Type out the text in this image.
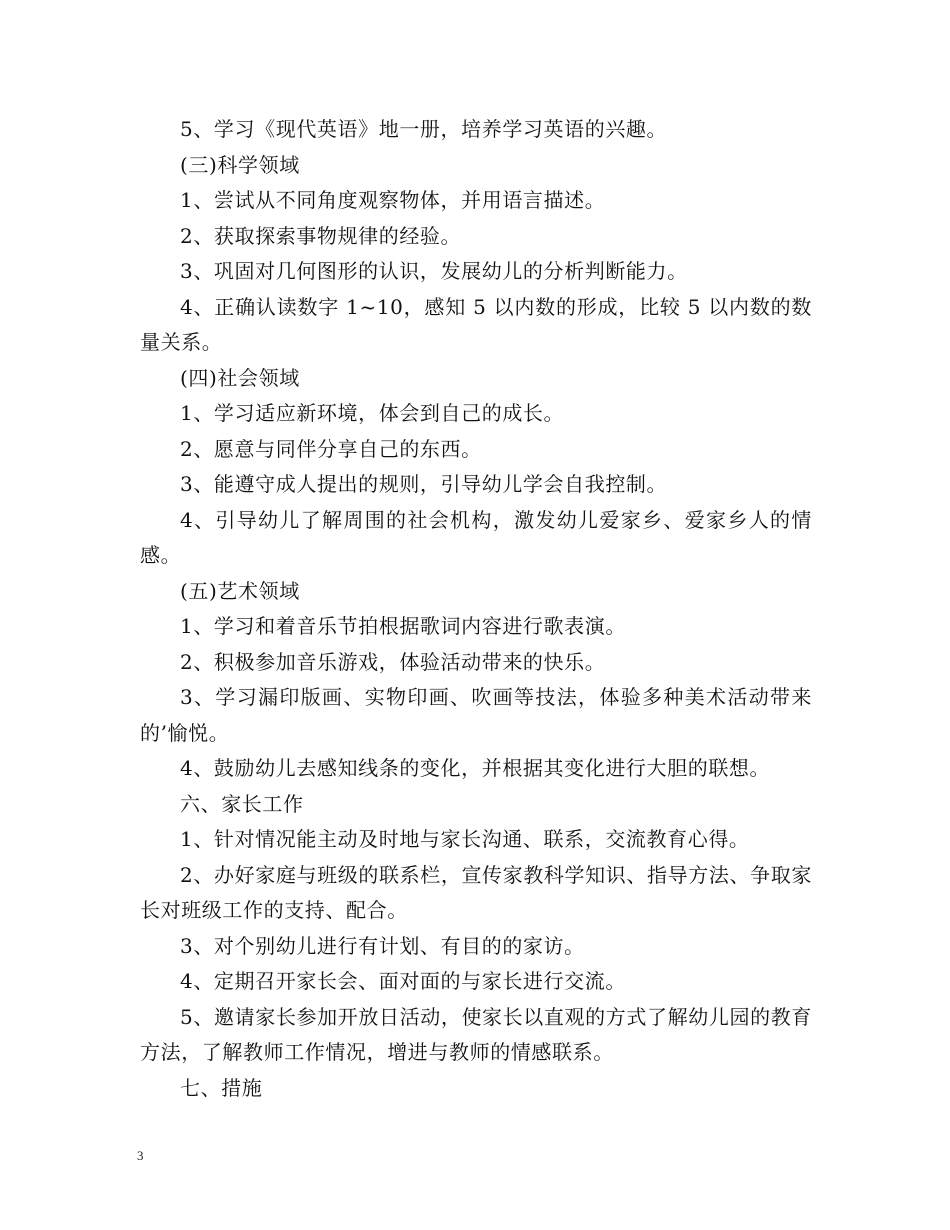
5、学习《现代英语》地一册，培养学习英语的兴趣。

(三)科学领域

1、尝试从不同角度观察物体，并用语言描述。

2、获取探索事物规律的经验。

3、巩固对几何图形的认识，发展幼儿的分析判断能力。

4、正确认读数字 1~10，感知 5 以内数的形成，比较 5 以内数的数量关系。

(四)社会领域

1、学习适应新环境，体会到自己的成长。

2、愿意与同伴分享自己的东西。

3、能遵守成人提出的规则，引导幼儿学会自我控制。

4、引导幼儿了解周围的社会机构，激发幼儿爱家乡、爱家乡人的情感。

(五)艺术领域

1、学习和着音乐节拍根据歌词内容进行歌表演。

2、积极参加音乐游戏，体验活动带来的快乐。

3、学习漏印版画、实物印画、吹画等技法，体验多种美术活动带来的’愉悦。

4、鼓励幼儿去感知线条的变化，并根据其变化进行大胆的联想。

六、家长工作

1、针对情况能主动及时地与家长沟通、联系，交流教育心得。

2、办好家庭与班级的联系栏，宣传家教科学知识、指导方法、争取家长对班级工作的支持、配合。

3、对个别幼儿进行有计划、有目的的家访。

4、定期召开家长会、面对面的与家长进行交流。

5、邀请家长参加开放日活动，使家长以直观的方式了解幼儿园的教育方法，了解教师工作情况，增进与教师的情感联系。

七、措施

3
